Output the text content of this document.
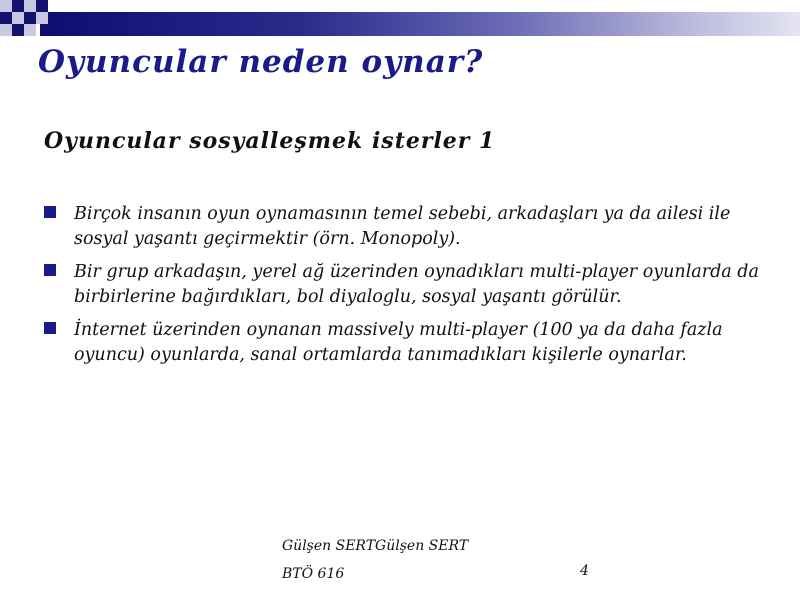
Oyuncular neden oynar?
Oyuncular sosyalleşmek isterler 1
Birçok insanın oyun oynamasının temel sebebi, arkadaşları ya da ailesi ile sosyal yaşantı geçirmektir (örn. Monopoly).
Bir grup arkadaşın, yerel ağ üzerinden oynadıkları multi-player oyunlarda da birbirlerine bağırdıkları, bol diyaloglu, sosyal yaşantı görülür.
İnternet üzerinden oynanan massively multi-player (100 ya da daha fazla oyuncu) oyunlarda, sanal ortamlarda tanımadıkları kişilerle oynarlar.
Gülşen SERTGülşen SERT
BTÖ 616	4
